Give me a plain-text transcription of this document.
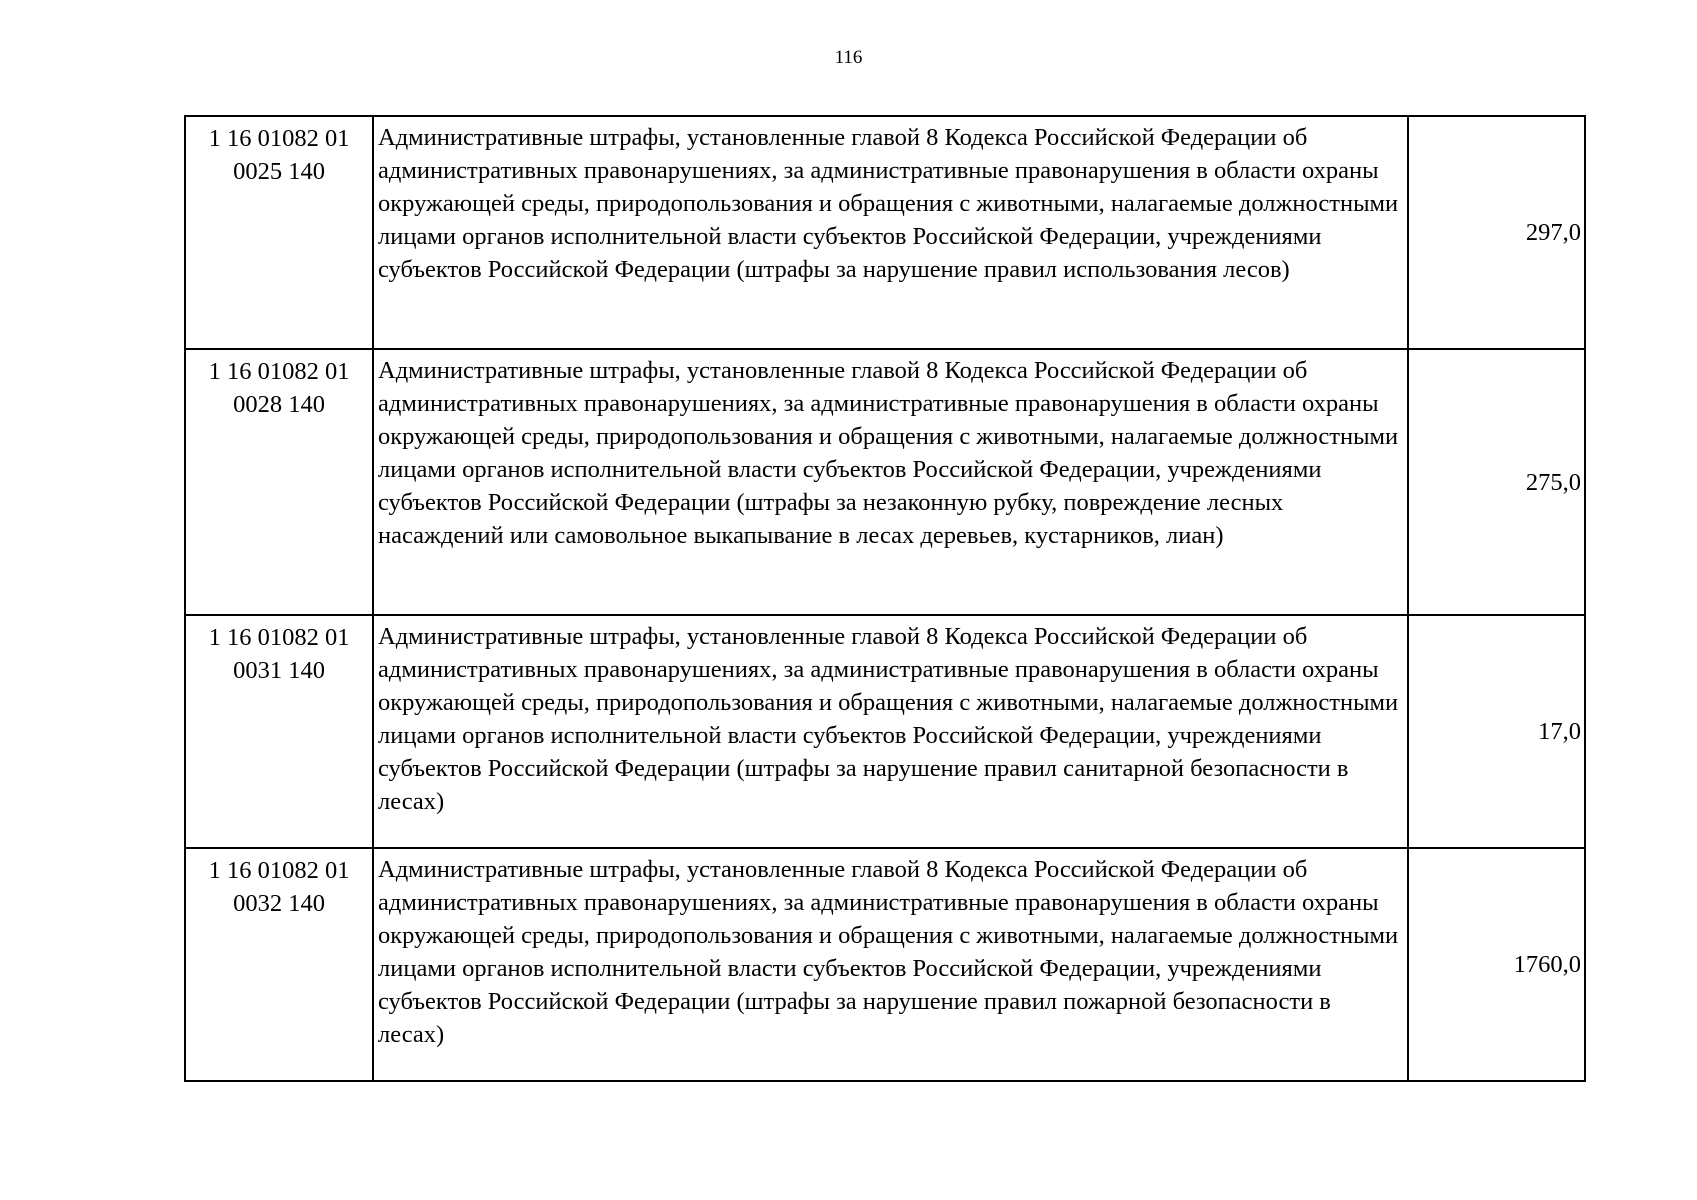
116
1 16 01082 01
0025 140	Административные штрафы, установленные главой 8 Кодекса Российской Федерации об административных правонарушениях, за административные правонарушения в области охраны окружающей среды, природопользования и обращения с животными, налагаемые должностными лицами органов исполнительной власти субъектов Российской Федерации, учреждениями субъектов Российской Федерации (штрафы за нарушение правил использования лесов)	297,0

1 16 01082 01
0028 140	Административные штрафы, установленные главой 8 Кодекса Российской Федерации об административных правонарушениях, за административные правонарушения в области охраны окружающей среды, природопользования и обращения с животными, налагаемые должностными лицами органов исполнительной власти субъектов Российской Федерации, учреждениями субъектов Российской Федерации (штрафы за незаконную рубку, повреждение лесных насаждений или самовольное выкапывание в лесах деревьев, кустарников, лиан)	275,0

1 16 01082 01
0031 140	Административные штрафы, установленные главой 8 Кодекса Российской Федерации об административных правонарушениях, за административные правонарушения в области охраны окружающей среды, природопользования и обращения с животными, налагаемые должностными лицами органов исполнительной власти субъектов Российской Федерации, учреждениями субъектов Российской Федерации (штрафы за нарушение правил санитарной безопасности в лесах)	17,0

1 16 01082 01
0032 140	Административные штрафы, установленные главой 8 Кодекса Российской Федерации об административных правонарушениях, за административные правонарушения в области охраны окружающей среды, природопользования и обращения с животными, налагаемые должностными лицами органов исполнительной власти субъектов Российской Федерации, учреждениями субъектов Российской Федерации (штрафы за нарушение правил пожарной безопасности в лесах)	1760,0
